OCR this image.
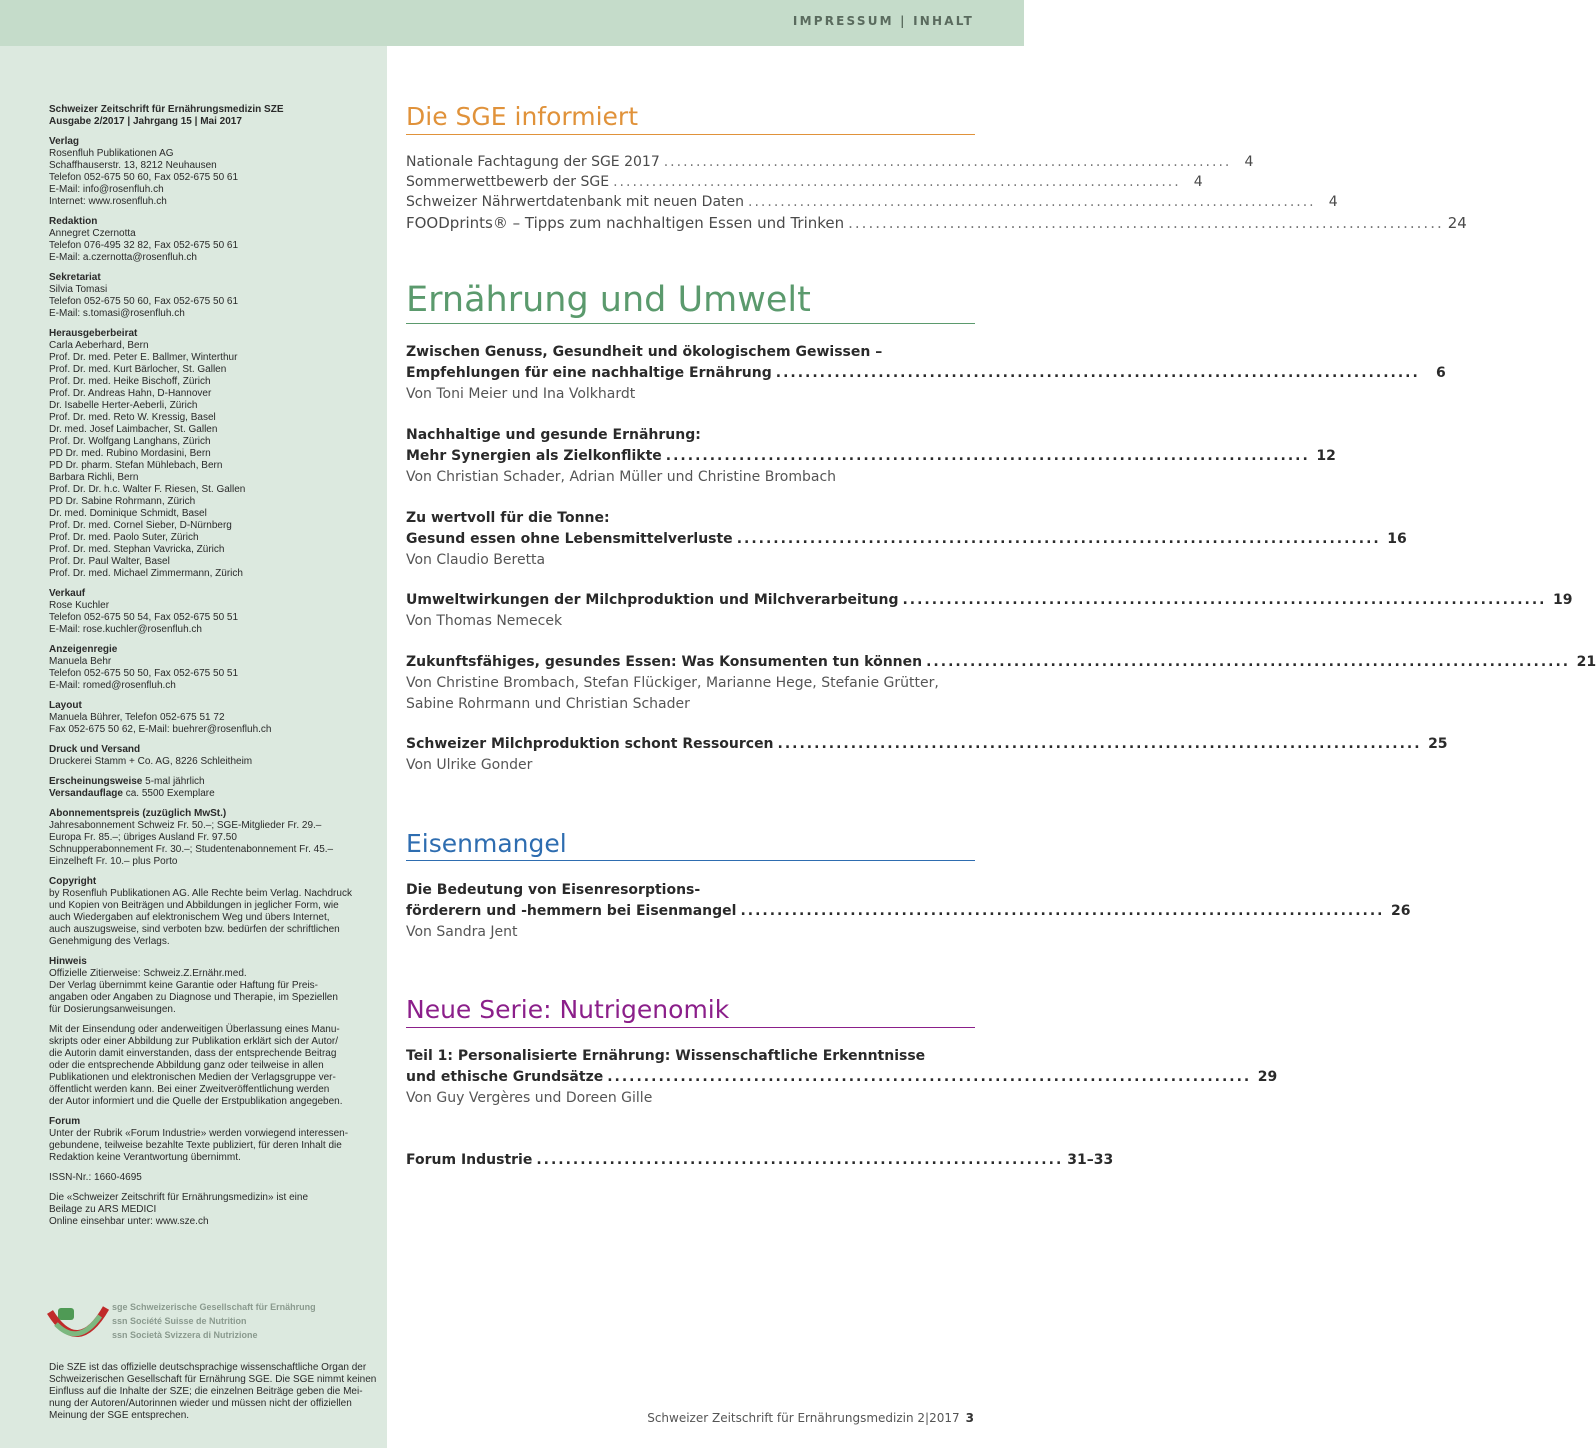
IMPRESSUM | INHALT
Schweizer Zeitschrift für Ernährungsmedizin SZE
Ausgabe 2/2017 | Jahrgang 15 | Mai 2017
Verlag
Rosenfluh Publikationen AG
Schaffhauserstr. 13, 8212 Neuhausen
Telefon 052-675 50 60, Fax 052-675 50 61
E-Mail: info@rosenfluh.ch
Internet: www.rosenfluh.ch
Redaktion
Annegret Czernotta
Telefon 076-495 32 82, Fax 052-675 50 61
E-Mail: a.czernotta@rosenfluh.ch
Sekretariat
Silvia Tomasi
Telefon 052-675 50 60, Fax 052-675 50 61
E-Mail: s.tomasi@rosenfluh.ch
Herausgeberbeirat
Carla Aeberhard, Bern
Prof. Dr. med. Peter E. Ballmer, Winterthur
Prof. Dr. med. Kurt Bärlocher, St. Gallen
Prof. Dr. med. Heike Bischoff, Zürich
Prof. Dr. Andreas Hahn, D-Hannover
Dr. Isabelle Herter-Aeberli, Zürich
Prof. Dr. med. Reto W. Kressig, Basel
Dr. med. Josef Laimbacher, St. Gallen
Prof. Dr. Wolfgang Langhans, Zürich
PD Dr. med. Rubino Mordasini, Bern
PD Dr. pharm. Stefan Mühlebach, Bern
Barbara Richli, Bern
Prof. Dr. Dr. h.c. Walter F. Riesen, St. Gallen
PD Dr. Sabine Rohrmann, Zürich
Dr. med. Dominique Schmidt, Basel
Prof. Dr. med. Cornel Sieber, D-Nürnberg
Prof. Dr. med. Paolo Suter, Zürich
Prof. Dr. med. Stephan Vavricka, Zürich
Prof. Dr. Paul Walter, Basel
Prof. Dr. med. Michael Zimmermann, Zürich
Verkauf
Rose Kuchler
Telefon 052-675 50 54, Fax 052-675 50 51
E-Mail: rose.kuchler@rosenfluh.ch
Anzeigenregie
Manuela Behr
Telefon 052-675 50 50, Fax 052-675 50 51
E-Mail: romed@rosenfluh.ch
Layout
Manuela Bührer, Telefon 052-675 51 72
Fax 052-675 50 62, E-Mail: buehrer@rosenfluh.ch
Druck und Versand
Druckerei Stamm + Co. AG, 8226 Schleitheim
Erscheinungsweise 5-mal jährlich
Versandauflage ca. 5500 Exemplare
Abonnementspreis (zuzüglich MwSt.)
Jahresabonnement Schweiz Fr. 50.–; SGE-Mitglieder Fr. 29.–
Europa Fr. 85.–; übriges Ausland Fr. 97.50
Schnupperabonnement Fr. 30.–; Studentenabonnement Fr. 45.–
Einzelheft Fr. 10.– plus Porto
Copyright
by Rosenfluh Publikationen AG. Alle Rechte beim Verlag. Nachdruck
und Kopien von Beiträgen und Abbildungen in jeglicher Form, wie
auch Wiedergaben auf elektronischem Weg und übers Internet,
auch auszugsweise, sind verboten bzw. bedürfen der schriftlichen
Genehmigung des Verlags.
Hinweis
Offizielle Zitierweise: Schweiz.Z.Ernähr.med.
Der Verlag übernimmt keine Garantie oder Haftung für Preis-
angaben oder Angaben zu Diagnose und Therapie, im Speziellen
für Dosierungsanweisungen.
Mit der Einsendung oder anderweitigen Überlassung eines Manu-
skripts oder einer Abbildung zur Publikation erklärt sich der Autor/
die Autorin damit einverstanden, dass der entsprechende Beitrag
oder die entsprechende Abbildung ganz oder teilweise in allen
Publikationen und elektronischen Medien der Verlagsgruppe ver-
öffentlicht werden kann. Bei einer Zweitveröffentlichung werden
der Autor informiert und die Quelle der Erstpublikation angegeben.
Forum
Unter der Rubrik «Forum Industrie» werden vorwiegend interessen-
gebundene, teilweise bezahlte Texte publiziert, für deren Inhalt die
Redaktion keine Verantwortung übernimmt.
ISSN-Nr.: 1660-4695
Die «Schweizer Zeitschrift für Ernährungsmedizin» ist eine
Beilage zu ARS MEDICI
Online einsehbar unter: www.sze.ch
sge Schweizerische Gesellschaft für Ernährung
ssn Société Suisse de Nutrition
ssn Società Svizzera di Nutrizione
Die SZE ist das offizielle deutschsprachige wissenschaftliche Organ der
Schweizerischen Gesellschaft für Ernährung SGE. Die SGE nimmt keinen
Einfluss auf die Inhalte der SZE; die einzelnen Beiträge geben die Mei-
nung der Autoren/Autorinnen wieder und müssen nicht der offiziellen
Meinung der SGE entsprechen.
Die SGE informiert
Nationale Fachtagung der SGE 2017 ........................................................................................ 4
Sommerwettbewerb der SGE ........................................................................................ 4
Schweizer Nährwertdatenbank mit neuen Daten ........................................................................................ 4
FOODprints® – Tipps zum nachhaltigen Essen und Trinken ........................................................................................ 24
Ernährung und Umwelt
Zwischen Genuss, Gesundheit und ökologischem Gewissen –
Empfehlungen für eine nachhaltige Ernährung ........................................................................................	6
Von Toni Meier und Ina Volkhardt
Nachhaltige und gesunde Ernährung:
Mehr Synergien als Zielkonflikte ........................................................................................ 12
Von Christian Schader, Adrian Müller und Christine Brombach
Zu wertvoll für die Tonne:
Gesund essen ohne Lebensmittelverluste ........................................................................................ 16
Von Claudio Beretta
Umweltwirkungen der Milchproduktion und Milchverarbeitung ........................................................................................ 19
Von Thomas Nemecek
Zukunftsfähiges, gesundes Essen: Was Konsumenten tun können ........................................................................................ 21
Von Christine Brombach, Stefan Flückiger, Marianne Hege, Stefanie Grütter, Sabine Rohrmann und Christian Schader
Schweizer Milchproduktion schont Ressourcen ........................................................................................ 25
Von Ulrike Gonder
Eisenmangel
Die Bedeutung von Eisenresorptions-
förderern und -hemmern bei Eisenmangel ........................................................................................ 26
Von Sandra Jent
Neue Serie: Nutrigenomik
Teil 1: Personalisierte Ernährung: Wissenschaftliche Erkenntnisse
und ethische Grundsätze ........................................................................................ 29
Von Guy Vergères und Doreen Gille
Forum Industrie ........................................................................ 31–33
Schweizer Zeitschrift für Ernährungsmedizin 2|2017 3
